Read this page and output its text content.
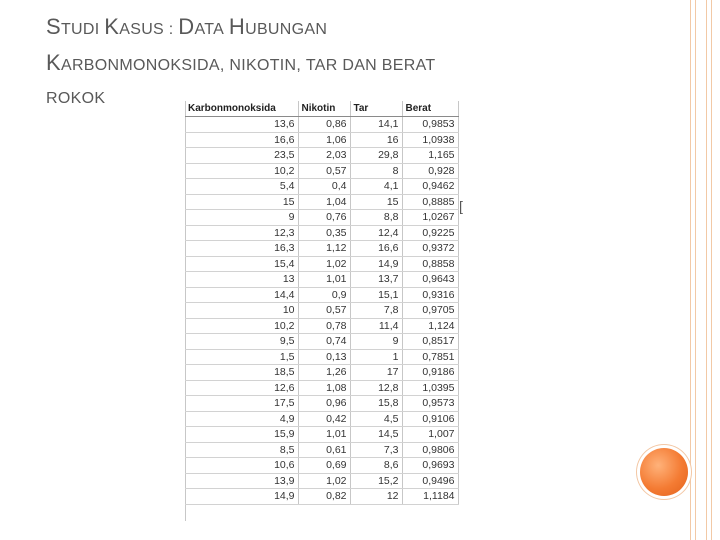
STUDI KASUS : DATA HUBUNGAN
KARBONMONOKSIDA, NIKOTIN, TAR DAN BERAT
ROKOK
Karbonmonoksida	Nikotin	Tar	Berat
13,6	0,86	14,1	0,9853
16,6	1,06	16	1,0938
23,5	2,03	29,8	1,165
10,2	0,57	8	0,928
5,4	0,4	4,1	0,9462
15	1,04	15	0,8885
9	0,76	8,8	1,0267
12,3	0,35	12,4	0,9225
16,3	1,12	16,6	0,9372
15,4	1,02	14,9	0,8858
13	1,01	13,7	0,9643
14,4	0,9	15,1	0,9316
10	0,57	7,8	0,9705
10,2	0,78	11,4	1,124
9,5	0,74	9	0,8517
1,5	0,13	1	0,7851
18,5	1,26	17	0,9186
12,6	1,08	12,8	1,0395
17,5	0,96	15,8	0,9573
4,9	0,42	4,5	0,9106
15,9	1,01	14,5	1,007
8,5	0,61	7,3	0,9806
10,6	0,69	8,6	0,9693
13,9	1,02	15,2	0,9496
14,9	0,82	12	1,1184
[
